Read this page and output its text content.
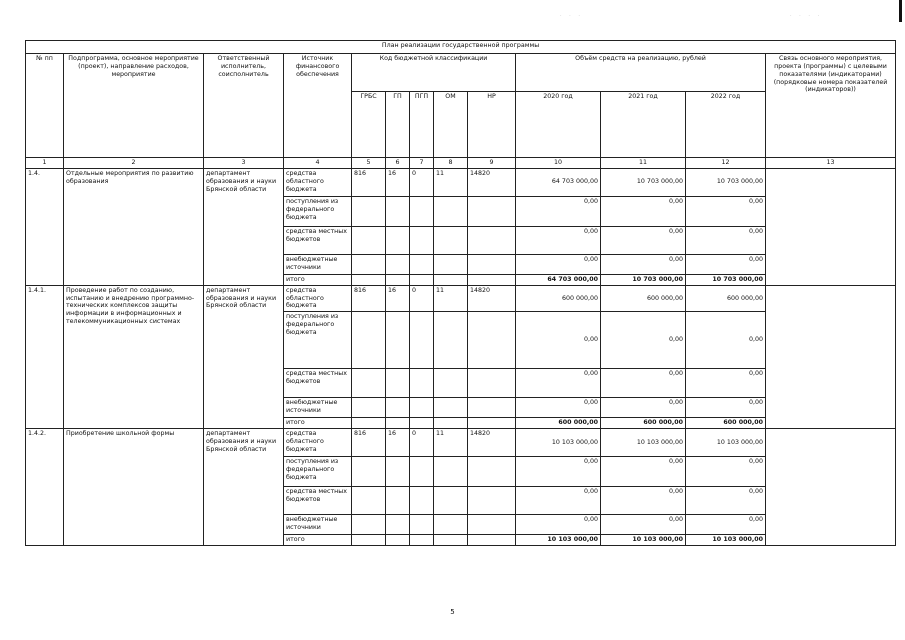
· · ·	· · · ·
План реализации государственной программы												
№ пп	Подпрограмма, основное мероприятие (проект), направление расходов, мероприятие	Ответственный исполнитель, соисполнитель	Источник финансового обеспечения	Код бюджетной классификации					Объём средств на реализацию, рублей			Связь основного мероприятия, проекта (программы) с целевыми показателями (индикаторами) (порядковые номера показателей (индикаторов))
				ГРБС	ГП	ПГП	ОМ	НР	2020 год	2021 год	2022 год	
1	2	3	4	5	6	7	8	9	10	11	12	13
1.4.	Отдельные мероприятия по развитию образования	департамент образования и науки Брянской области	средства областного бюджета	816	16	0	11	14820	64 703 000,00	10 703 000,00	10 703 000,00	
			поступления из федерального бюджета						0,00	0,00	0,00	
			средства местных бюджетов						0,00	0,00	0,00	
			внебюджетные источники						0,00	0,00	0,00	
			итого						64 703 000,00	10 703 000,00	10 703 000,00	
1.4.1.	Проведение работ по созданию, испытанию и внедрению программно-технических комплексов защиты информации в информационных и телекоммуникационных системах	департамент образования и науки Брянской области	средства областного бюджета	816	16	0	11	14820	600 000,00	600 000,00	600 000,00	
			поступления из федерального бюджета						0,00	0,00	0,00	
			средства местных бюджетов						0,00	0,00	0,00	
			внебюджетные источники						0,00	0,00	0,00	
			итого						600 000,00	600 000,00	600 000,00	
1.4.2.	Приобретение школьной формы	департамент образования и науки Брянской области	средства областного бюджета	816	16	0	11	14820	10 103 000,00	10 103 000,00	10 103 000,00	
			поступления из федерального бюджета						0,00	0,00	0,00	
			средства местных бюджетов						0,00	0,00	0,00	
			внебюджетные источники						0,00	0,00	0,00	
			итого						10 103 000,00	10 103 000,00	10 103 000,00	
5
